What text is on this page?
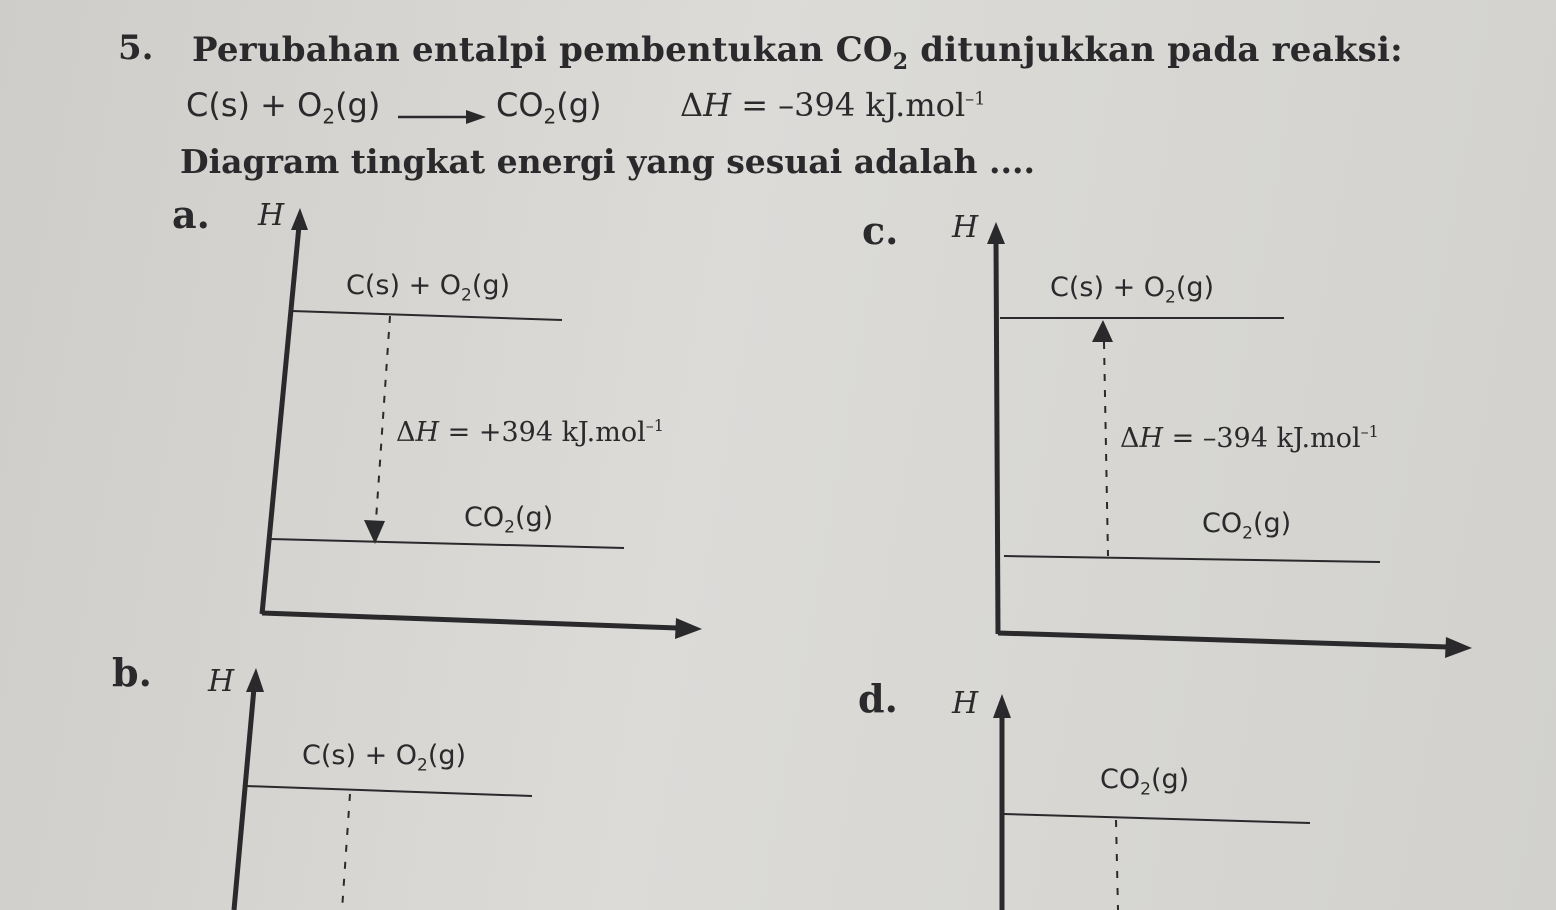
5. Perubahan entalpi pembentukan $CO_2$ ditunjukkan pada reaksi:
$C(s) + O_2(g)$	$CO_2(g) \Delta H = -394$ kJ.mol$^{-1}$
Diagram tingkat energi yang sesuai adalah ....
a. H	c. H
b. H	d. H
$C(s) + O_2(g)$
ΔH = +394 kJ.mol$^{-1}$
$CO_2(g)$
$C(s) + O_2(g)$
ΔH = –394 kJ.mol$^{-1}$
$CO_2(g)$
$C(s) + O_2(g)$
$CO_2(g)$
